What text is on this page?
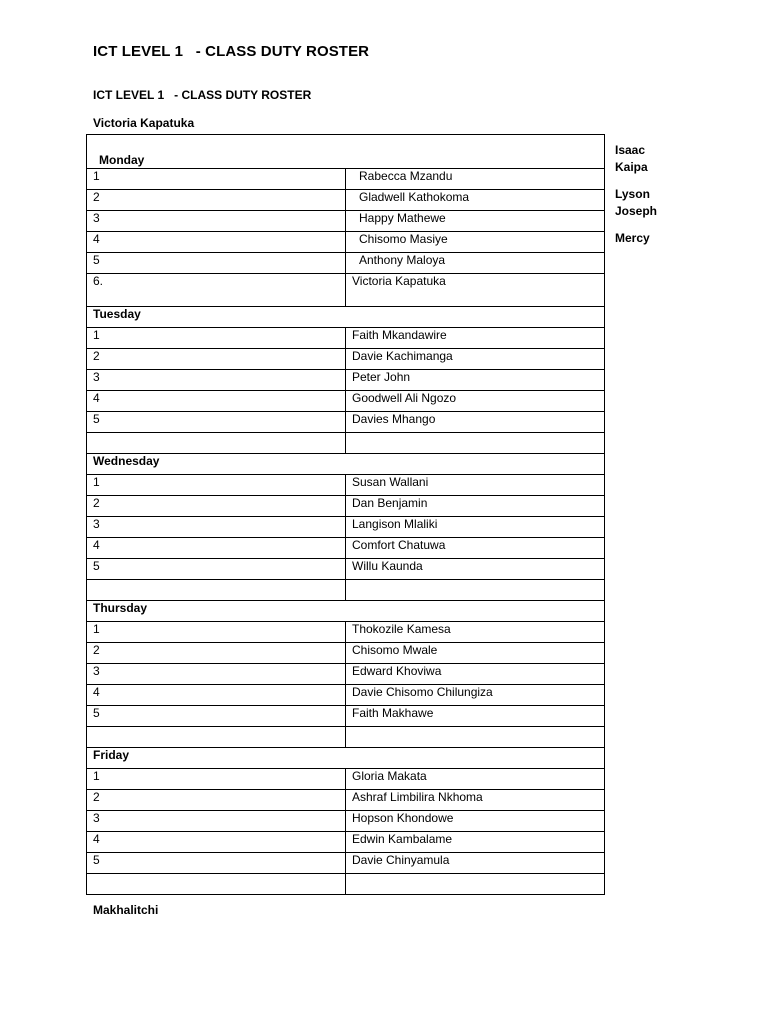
ICT LEVEL 1   - CLASS DUTY ROSTER
ICT LEVEL 1   - CLASS DUTY ROSTER
Victoria Kapatuka
Isaac
Kaipa
Lyson
Joseph
Mercy
Monday	
1	Rabecca Mzandu
2	Gladwell Kathokoma
3	Happy Mathewe
4	Chisomo Masiye
5	Anthony Maloya
6.	Victoria Kapatuka
Tuesday	
1	Faith Mkandawire
2	Davie Kachimanga
3	Peter John
4	Goodwell Ali Ngozo
5	Davies Mhango

Wednesday	
1	Susan Wallani
2	Dan Benjamin
3	Langison Mlaliki
4	Comfort Chatuwa
5	Willu Kaunda

Thursday	
1	Thokozile Kamesa
2	Chisomo Mwale
3	Edward Khoviwa
4	Davie Chisomo Chilungiza
5	Faith Makhawe

Friday	
1	Gloria Makata
2	Ashraf Limbilira Nkhoma
3	Hopson Khondowe
4	Edwin Kambalame
5	Davie Chinyamula

Makhalitchi
